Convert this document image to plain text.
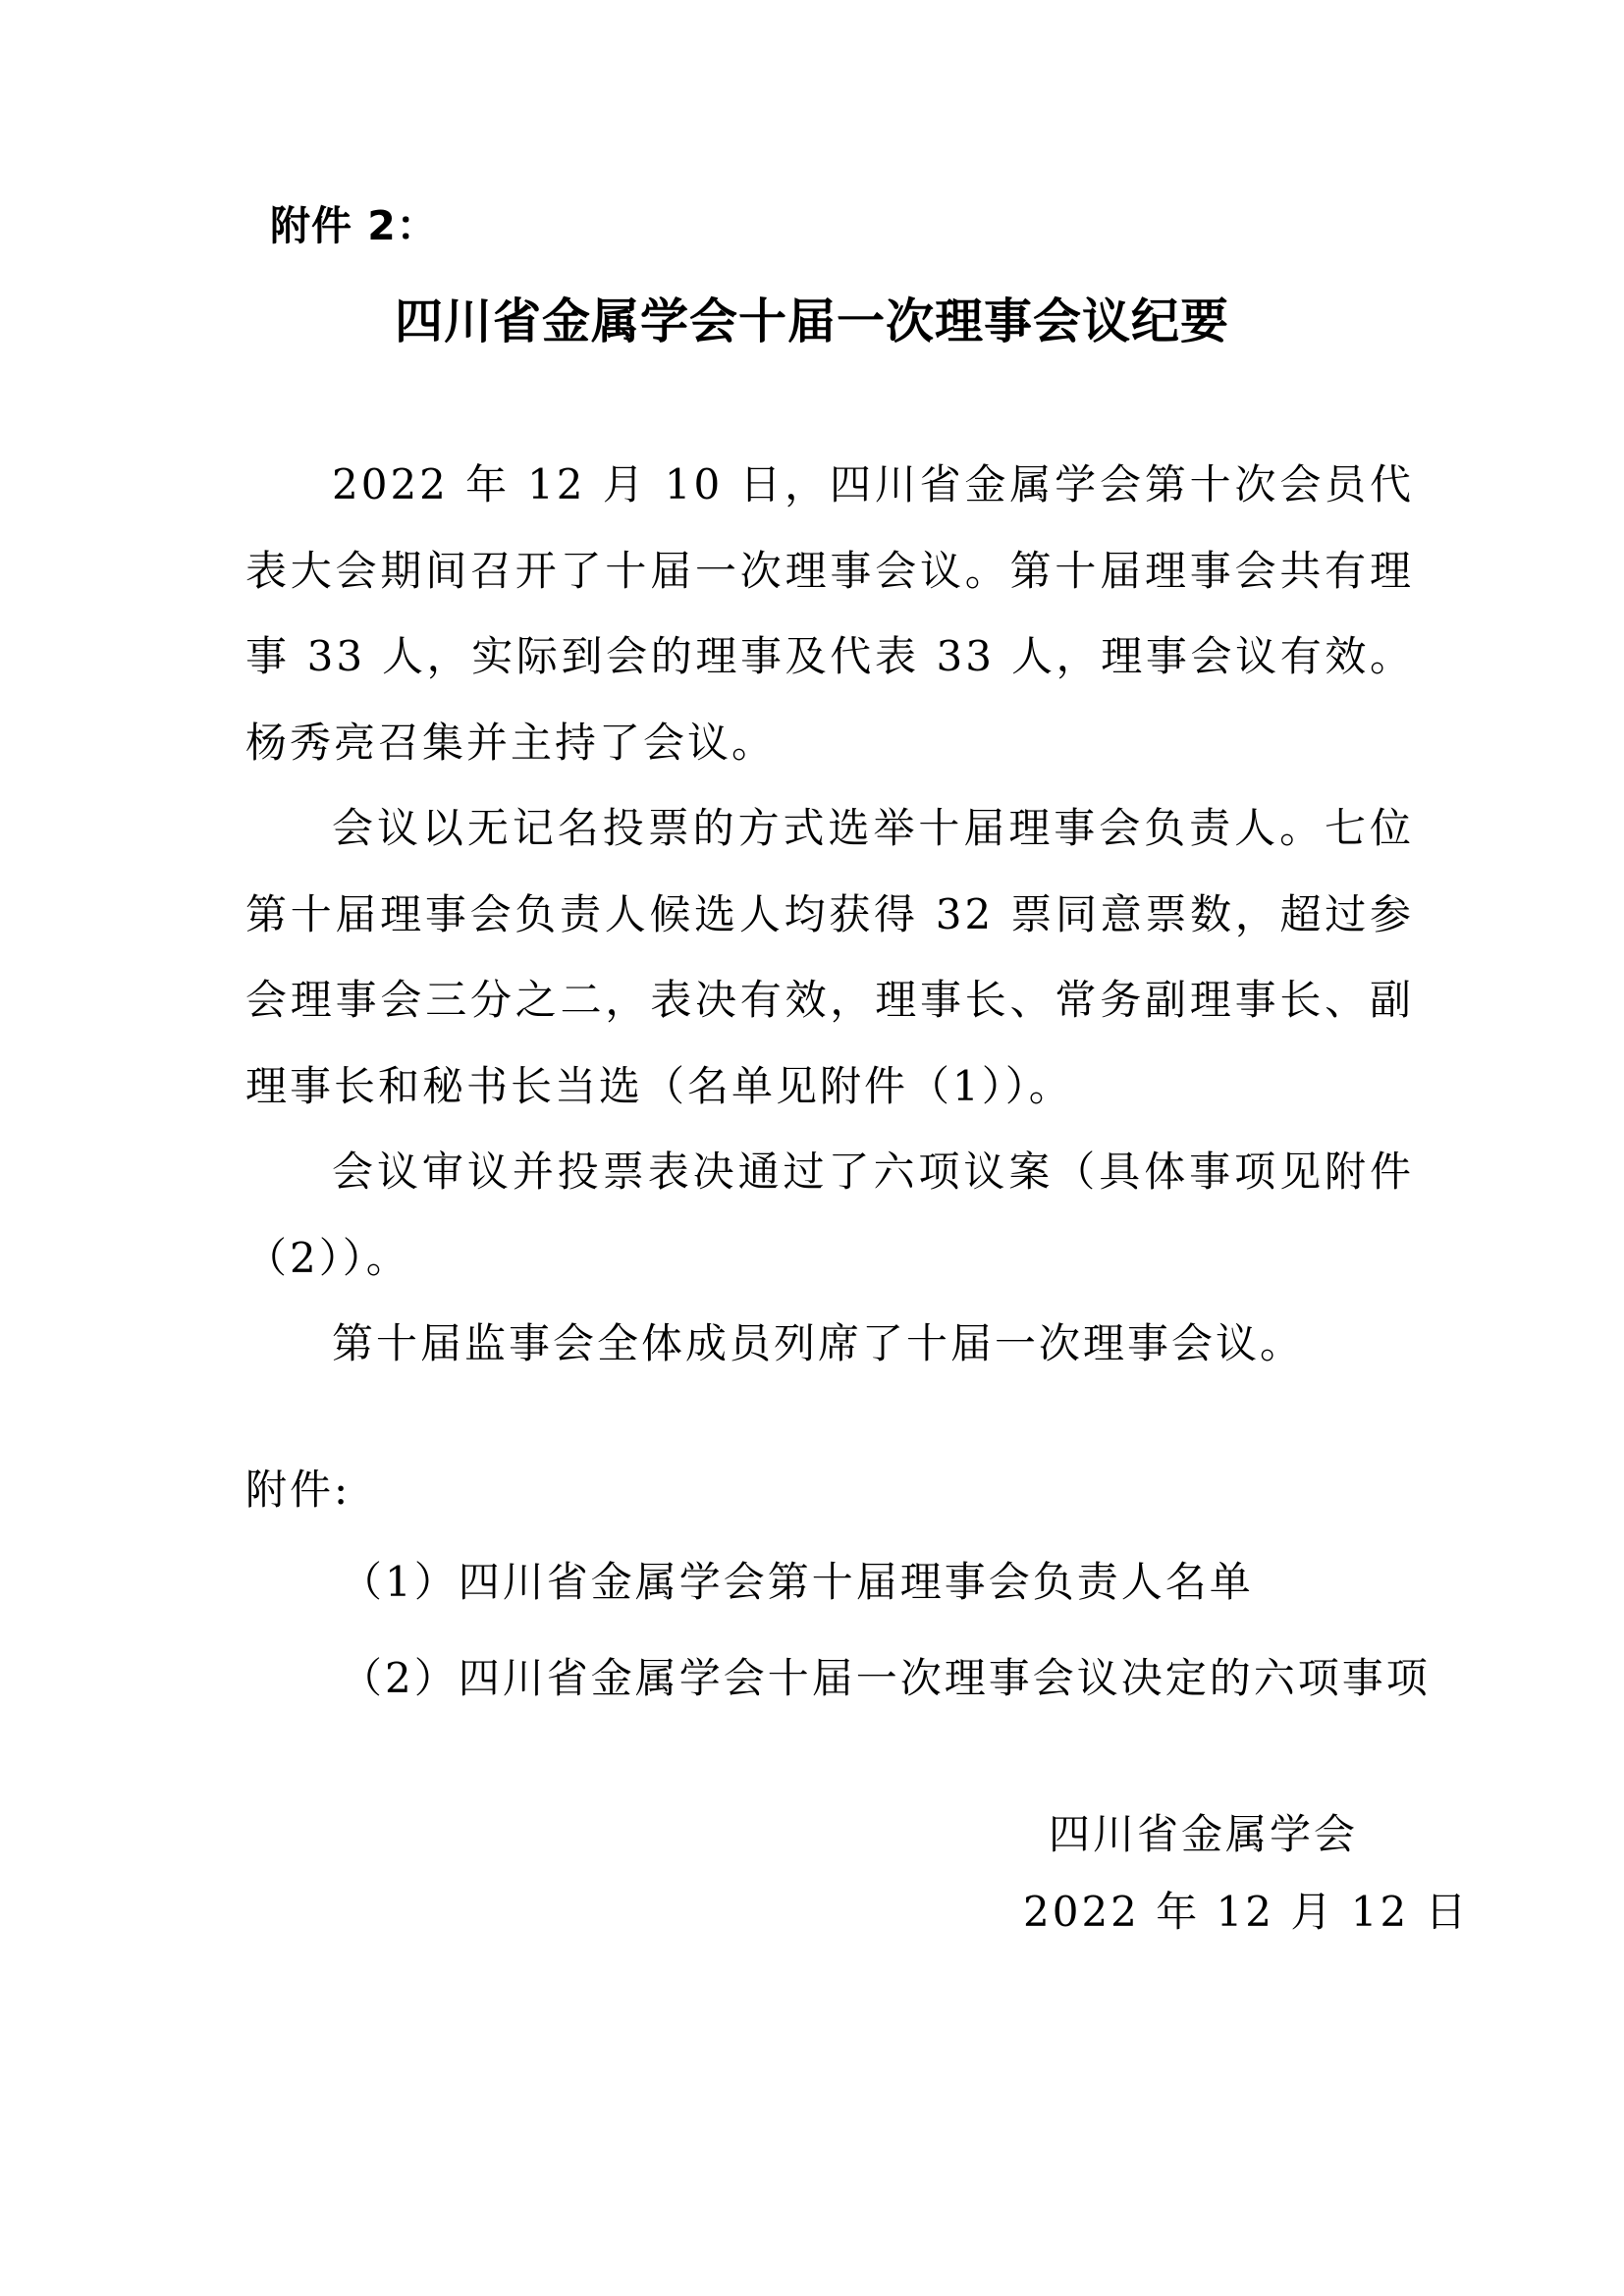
附件 2：
四川省金属学会十届一次理事会议纪要

2022 年 12 月 10 日，四川省金属学会第十次会员代表大会期间召开了十届一次理事会议。第十届理事会共有理事 33 人，实际到会的理事及代表 33 人，理事会议有效。杨秀亮召集并主持了会议。

会议以无记名投票的方式选举十届理事会负责人。七位第十届理事会负责人候选人均获得 32 票同意票数，超过参会理事会三分之二，表决有效，理事长、常务副理事长、副理事长和秘书长当选（名单见附件（1））。

会议审议并投票表决通过了六项议案（具体事项见附件（2））。

第十届监事会全体成员列席了十届一次理事会议。

附件:
（1）四川省金属学会第十届理事会负责人名单
（2）四川省金属学会十届一次理事会议决定的六项事项
四川省金属学会
2022 年 12 月 12 日
